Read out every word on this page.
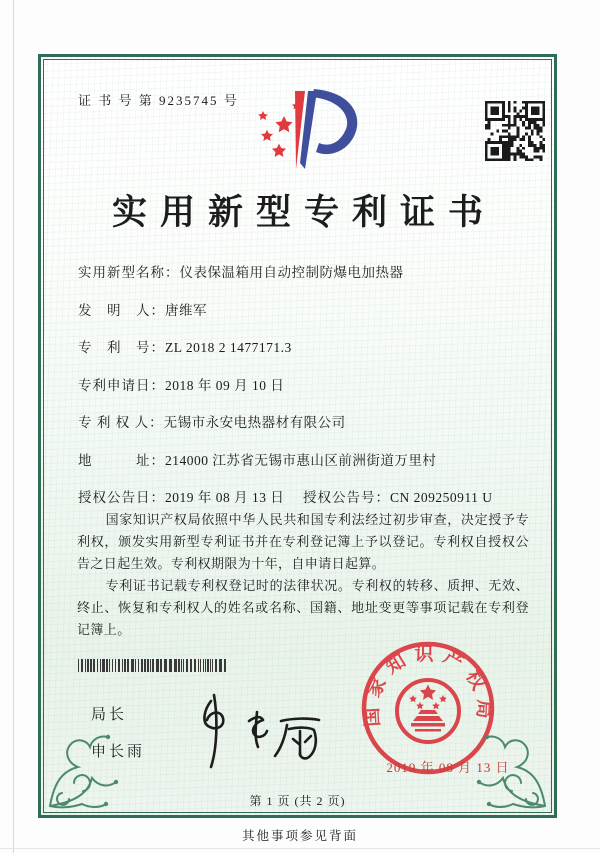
证 书 号 第 9235745 号
实用新型专利证书
实用新型名称： 仪表保温箱用自动控制防爆电加热器
发　明　人： 唐维军
专　利　号： ZL 2018 2 1477171.3
专利申请日： 2018 年 09 月 10 日
专 利 权 人： 无锡市永安电热器材有限公司
地　　　址： 214000 江苏省无锡市惠山区前洲街道万里村
授权公告日： 2019 年 08 月 13 日 授权公告号： CN 209250911 U

国家知识产权局依照中华人民共和国专利法经过初步审查，决定授予专利权，颁发实用新型专利证书并在专利登记簿上予以登记。专利权自授权公告之日起生效。专利权期限为十年，自申请日起算。

专利证书记载专利权登记时的法律状况。专利权的转移、质押、无效、终止、恢复和专利权人的姓名或名称、国籍、地址变更等事项记载在专利登记簿上。

局长
申长雨
国家知识产权局
2019 年 08 月 13 日
第 1 页 (共 2 页)
其他事项参见背面
